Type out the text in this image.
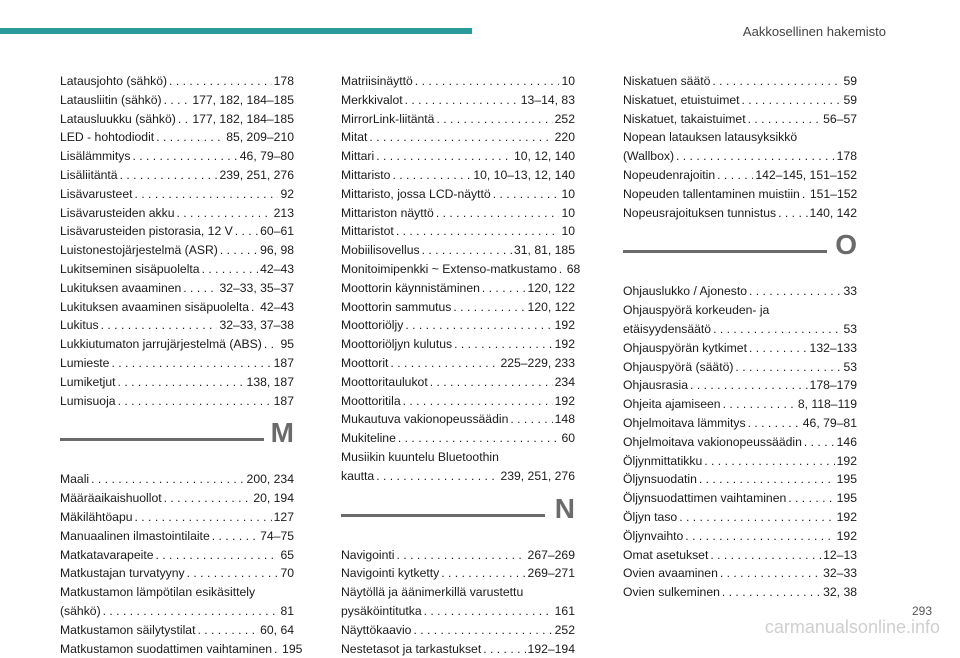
Aakkosellinen hakemisto
Latausjohto (sähkö) . . .	178
Latausliitin (sähkö) . . .	177, 182, 184–185
Latausluukku (sähkö) . . . 177, 182, 184–185
LED - hohtodiodit . . .	85, 209–210
Lisälämmitys . . .	46, 79–80
Lisäliitäntä . . .	239, 251, 276
Lisävarusteet . . .	92
Lisävarusteiden akku . . .	213
Lisävarusteiden pistorasia, 12 V . . . 60–61
Luistonestojärjestelmä (ASR) . . .	96, 98
Lukitseminen sisäpuolelta . . .	42–43
Lukituksen avaaminen . . .	32–33, 35–37
Lukituksen avaaminen sisäpuolelta . . . 42–43
Lukitus . . .	32–33, 37–38
Lukkiutumaton jarrujärjestelmä (ABS) . . . 95
Lumieste . . .	187
Lumiketjut . . .	138, 187
Lumisuoja . . .	187
M
Maali . . .	200, 234
Määräaikaishuollot . . .	20, 194
Mäkilähtöapu . . .	127
Manuaalinen ilmastointilaite . . .	74–75
Matkatavarapeite . . .	65
Matkustajan turvatyyny . . .	70
Matkustamon lämpötilan esikäsittely
(sähkö) . . .	81
Matkustamon säilytystilat . . .	60, 64
Matkustamon suodattimen vaihtaminen . . . 195
Matriisinäyttö . . .	10
Merkkivalot . . .	13–14, 83
MirrorLink-liitäntä . . .	252
Mitat . . .	220
Mittari . . .	10, 12, 140
Mittaristo . . .	10, 10–13, 12, 140
Mittaristo, jossa LCD-näyttö . . .	10
Mittariston näyttö . . .	10
Mittaristot . . .	10
Mobiilisovellus . . .	31, 81, 185
Monitoimipenkki ~ Extenso-matkustamo . . . 68
Moottorin käynnistäminen . . .	120, 122
Moottorin sammutus . . .	120, 122
Moottoriöljy . . .	192
Moottoriöljyn kulutus . . .	192
Moottorit . . .	225–229, 233
Moottoritaulukot . . .	234
Moottoritila . . .	192
Mukautuva vakionopeussäädin . . .	148
Mukiteline . . .	60
Musiikin kuuntelu Bluetoothin
kautta . . .	239, 251, 276
N
Navigointi . . .	267–269
Navigointi kytketty . . .	269–271
Näytöllä ja äänimerkillä varustettu
pysäköintitutka . . .	161
Näyttökaavio . . .	252
Nestetasot ja tarkastukset . . .	192–194
Niskatuen säätö . . .	59
Niskatuet, etuistuimet . . .	59
Niskatuet, takaistuimet . . .	56–57
Nopean latauksen latausyksikkö
(Wallbox) . . .	178
Nopeudenrajoitin . . .	142–145, 151–152
Nopeuden tallentaminen muistiin . . . 151–152
Nopeusrajoituksen tunnistus . . .	140, 142
O
Ohjauslukko / Ajonesto . . .	33
Ohjauspyörä korkeuden- ja
etäisyydensäätö . . .	53
Ohjauspyörän kytkimet . . .	132–133
Ohjauspyörä (säätö) . . .	53
Ohjausrasia . . .	178–179
Ohjeita ajamiseen . . .	8, 118–119
Ohjelmoitava lämmitys . . .	46, 79–81
Ohjelmoitava vakionopeussäädin . . .	146
Öljynmittatikku . . .	192
Öljynsuodatin . . .	195
Öljynsuodattimen vaihtaminen . . .	195
Öljyn taso . . .	192
Öljynvaihto . . .	192
Omat asetukset . . .	12–13
Ovien avaaminen . . .	32–33
Ovien sulkeminen . . .	32, 38
293
carmanualsonline.info
